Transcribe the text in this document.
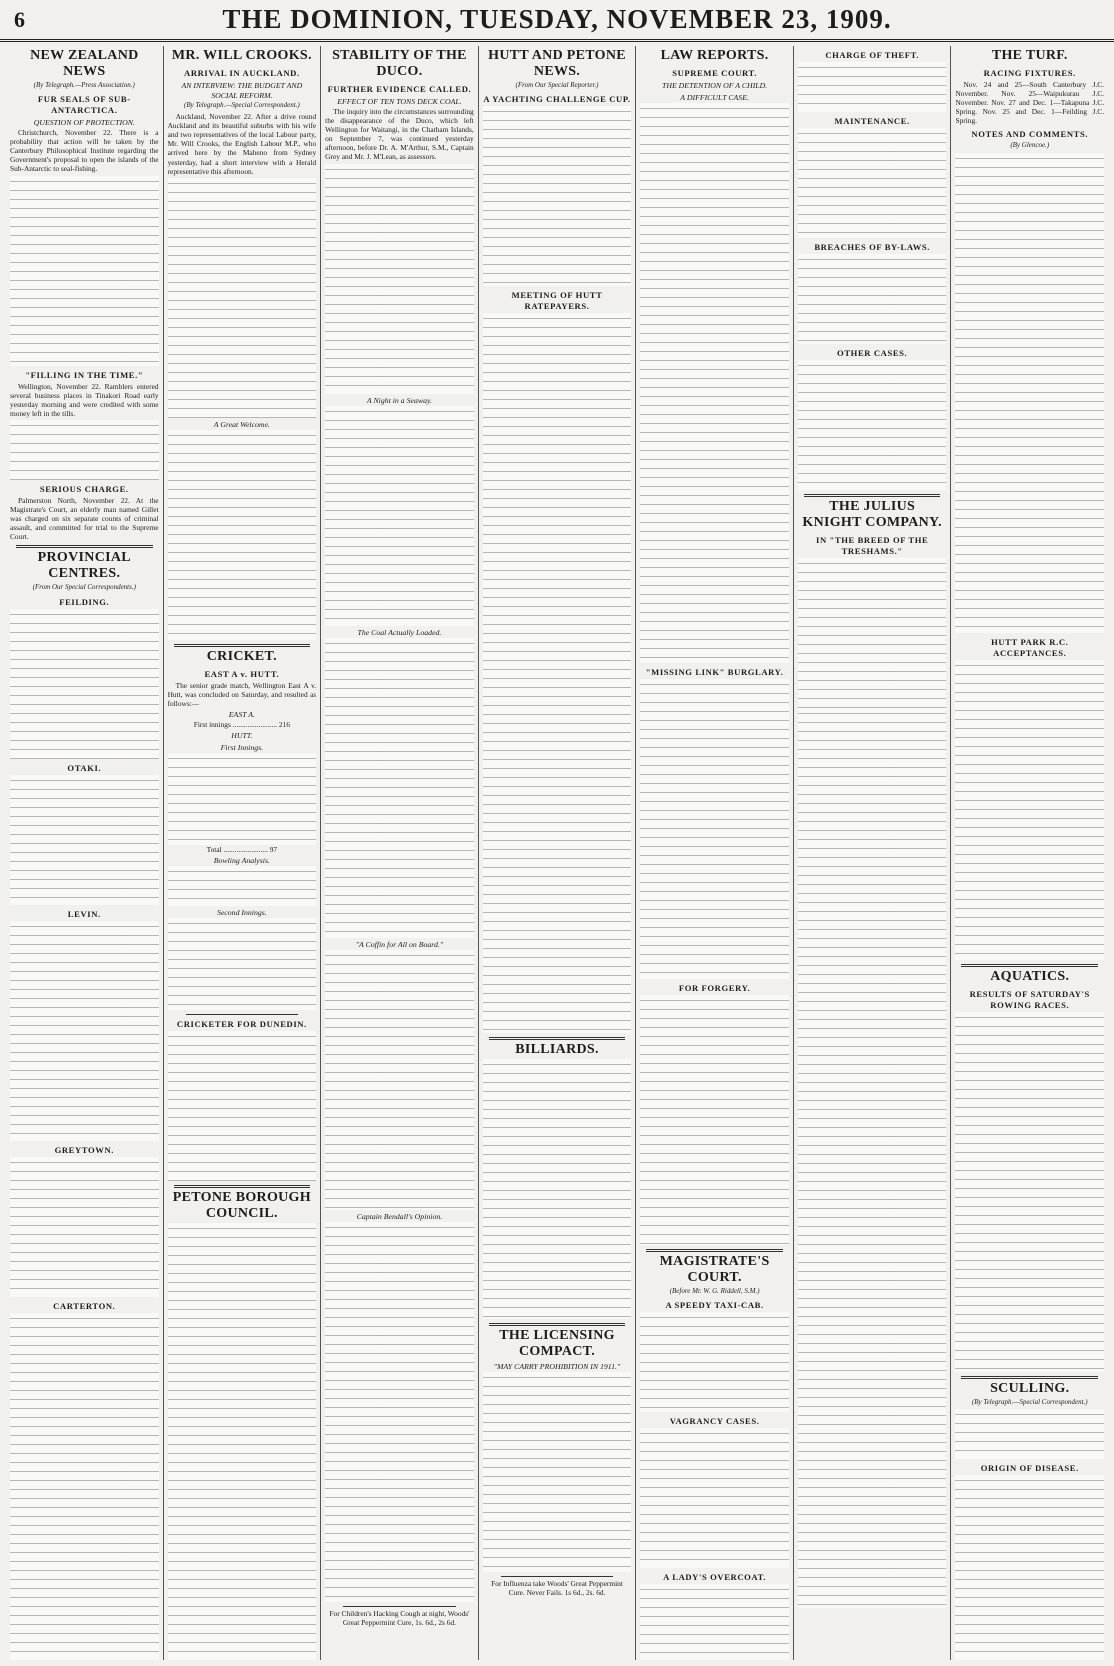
6	THE DOMINION, TUESDAY, NOVEMBER 23, 1909.
NEW ZEALAND NEWS
(By Telegraph.—Press Association.)
FUR SEALS OF SUB-ANTARCTICA.
QUESTION OF PROTECTION.

Christchurch, November 22. There is a probability that action will be taken by the Canterbury Philosophical Institute regarding the Government's proposal to open the islands of the Sub-Antarctic to seal-fishing.

"FILLING IN THE TIME."

Wellington, November 22. Ramblers entered several business places in Tinakori Road early yesterday morning and were credited with some money left in the tills.

SERIOUS CHARGE.

Palmerston North, November 22. At the Magistrate's Court, an elderly man named Gillet was charged on six separate counts of criminal assault, and committed for trial to the Supreme Court.

PROVINCIAL CENTRES.
(From Our Special Correspondents.)
FEILDING.
OTAKI.
LEVIN.
GREYTOWN.
CARTERTON.
MR. WILL CROOKS.
ARRIVAL IN AUCKLAND.
AN INTERVIEW: THE BUDGET AND SOCIAL REFORM.
(By Telegraph.—Special Correspondent.)

Auckland, November 22. After a drive round Auckland and its beautiful suburbs with his wife and two representatives of the local Labour party, Mr. Will Crooks, the English Labour M.P., who arrived here by the Maheno from Sydney yesterday, had a short interview with a Herald representative this afternoon.

A Great Welcome.
CRICKET.
EAST A v. HUTT.

The senior grade match, Wellington East A v. Hutt, was concluded on Saturday, and resulted as follows:—

EAST A.

First innings ........................ 216

HUTT.
First Innings.

Total ........................ 97

Bowling Analysis.
Second Innings.
CRICKETER FOR DUNEDIN.
PETONE BOROUGH COUNCIL.
STABILITY OF THE DUCO.
FURTHER EVIDENCE CALLED.
EFFECT OF TEN TONS DECK COAL.

The inquiry into the circumstances surrounding the disappearance of the Duco, which left Wellington for Waitangi, in the Chatham Islands, on September 7, was continued yesterday afternoon, before Dr. A. M'Arthur, S.M., Captain Grey and Mr. J. M'Lean, as assessors.

A Night in a Seaway.
The Coal Actually Loaded.
"A Coffin for All on Board."
Captain Bendall's Opinion.

For Children's Hacking Cough at night, Woods' Great Peppermint Cure, 1s. 6d., 2s 6d.

HUTT AND PETONE NEWS.
(From Our Special Reporter.)
A YACHTING CHALLENGE CUP.
MEETING OF HUTT RATEPAYERS.
BILLIARDS.
THE LICENSING COMPACT.
"MAY CARRY PROHIBITION IN 1911."

For Influenza take Woods' Great Peppermint Cure. Never Fails. 1s 6d., 2s. 6d.

LAW REPORTS.
SUPREME COURT.
THE DETENTION OF A CHILD.
A DIFFICULT CASE.
"MISSING LINK" BURGLARY.
FOR FORGERY.
MAGISTRATE'S COURT.
(Before Mr. W. G. Riddell, S.M.)
A SPEEDY TAXI-CAB.
VAGRANCY CASES.
A LADY'S OVERCOAT.
CHARGE OF THEFT.
MAINTENANCE.
BREACHES OF BY-LAWS.
OTHER CASES.
THE JULIUS KNIGHT COMPANY.
IN "THE BREED OF THE TRESHAMS."
THE TURF.
RACING FIXTURES.

Nov. 24 and 25—South Canterbury J.C. November. Nov. 25—Waipukurau J.C. November. Nov. 27 and Dec. 1—Takapuna J.C. Spring. Nov. 25 and Dec. 1—Feilding J.C. Spring.

NOTES AND COMMENTS.
(By Glencoe.)
HUTT PARK R.C. ACCEPTANCES.
AQUATICS.
RESULTS OF SATURDAY'S ROWING RACES.
SCULLING.
(By Telegraph.—Special Correspondent.)
ORIGIN OF DISEASE.
